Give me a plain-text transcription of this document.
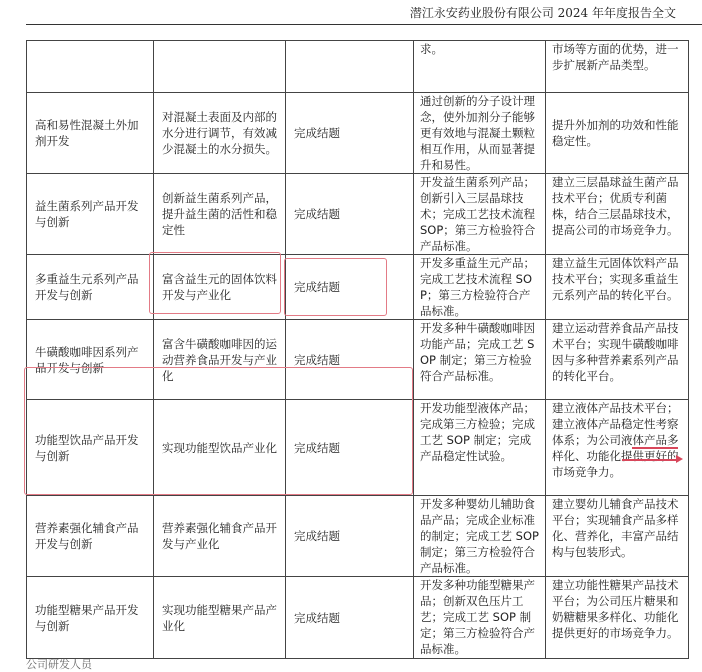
潜江永安药业股份有限公司 2024 年年度报告全文
			求。	市场等方面的优势，进一步扩展新产品类型。
高和易性混凝土外加剂开发	对混凝土表面及内部的水分进行调节，有效减少混凝土的水分损失。	完成结题	通过创新的分子设计理念，使外加剂分子能够更有效地与混凝土颗粒相互作用，从而显著提升和易性。	提升外加剂的功效和性能稳定性。
益生菌系列产品开发与创新	创新益生菌系列产品，提升益生菌的活性和稳定性	完成结题	开发益生菌系列产品；创新引入三层晶球技术；完成工艺技术流程 SOP；第三方检验符合产品标准。	建立三层晶球益生菌产品技术平台；优质专利菌株，结合三层晶球技术，提高公司的市场竞争力。
多重益生元系列产品开发与创新	富含益生元的固体饮料开发与产业化	完成结题	开发多重益生元产品；完成工艺技术流程 SOP；第三方检验符合产品标准。	建立益生元固体饮料产品技术平台；实现多重益生元系列产品的转化平台。
牛磺酸咖啡因系列产品开发与创新	富含牛磺酸咖啡因的运动营养食品开发与产业化	完成结题	开发多种牛磺酸咖啡因功能产品；完成工艺 SOP 制定；第三方检验符合产品标准。	建立运动营养食品产品技术平台；实现牛磺酸咖啡因与多种营养素系列产品的转化平台。
功能型饮品产品开发与创新	实现功能型饮品产业化	完成结题	开发功能型液体产品；完成第三方检验；完成工艺 SOP 制定；完成产品稳定性试验。	建立液体产品技术平台；建立液体产品稳定性考察体系；为公司液体产品多样化、功能化提供更好的市场竞争力。
营养素强化辅食产品开发与创新	营养素强化辅食产品开发与产业化	完成结题	开发多种婴幼儿辅助食品产品；完成企业标准的制定；完成工艺 SOP 制定；第三方检验符合产品标准。	建立婴幼儿辅食产品技术平台；实现辅食产品多样化、营养化，丰富产品结构与包装形式。
功能型糖果产品开发与创新	实现功能型糖果产品产业化	完成结题	开发多种功能型糖果产品；创新双色压片工艺；完成工艺 SOP 制定；第三方检验符合产品标准。	建立功能性糖果产品技术平台；为公司压片糖果和奶糖糖果多样化、功能化提供更好的市场竞争力。
公司研发人员
